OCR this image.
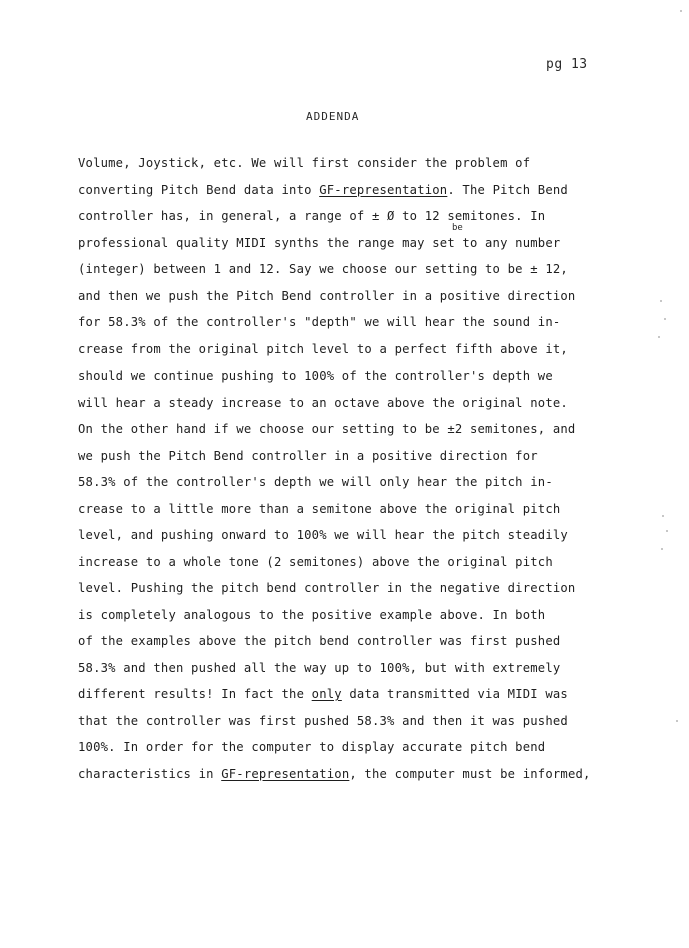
pg 13
ADDENDA
be
Volume, Joystick, etc. We will first consider the problem of
converting Pitch Bend data into GF-representation. The Pitch Bend
controller has, in general, a range of ± Ø to 12 semitones. In
professional quality MIDI synths the range may set to any number
(integer) between 1 and 12. Say we choose our setting to be ± 12,
and then we push the Pitch Bend controller in a positive direction
for 58.3% of the controller's "depth" we will hear the sound in-
crease from the original pitch level to a perfect fifth above it,
should we continue pushing to 100% of the controller's depth we
will hear a steady increase to an octave above the original note.
On the other hand if we choose our setting to be ±2 semitones, and
we push the Pitch Bend controller in a positive direction for
58.3% of the controller's depth we will only hear the pitch in-
crease to a little more than a semitone above the original pitch
level, and pushing onward to 100% we will hear the pitch steadily
increase to a whole tone (2 semitones) above the original pitch
level. Pushing the pitch bend controller in the negative direction
is completely analogous to the positive example above. In both
of the examples above the pitch bend controller was first pushed
58.3% and then pushed all the way up to 100%, but with extremely
different results! In fact the only data transmitted via MIDI was
that the controller was first pushed 58.3% and then it was pushed
100%. In order for the computer to display accurate pitch bend
characteristics in GF-representation, the computer must be informed,
